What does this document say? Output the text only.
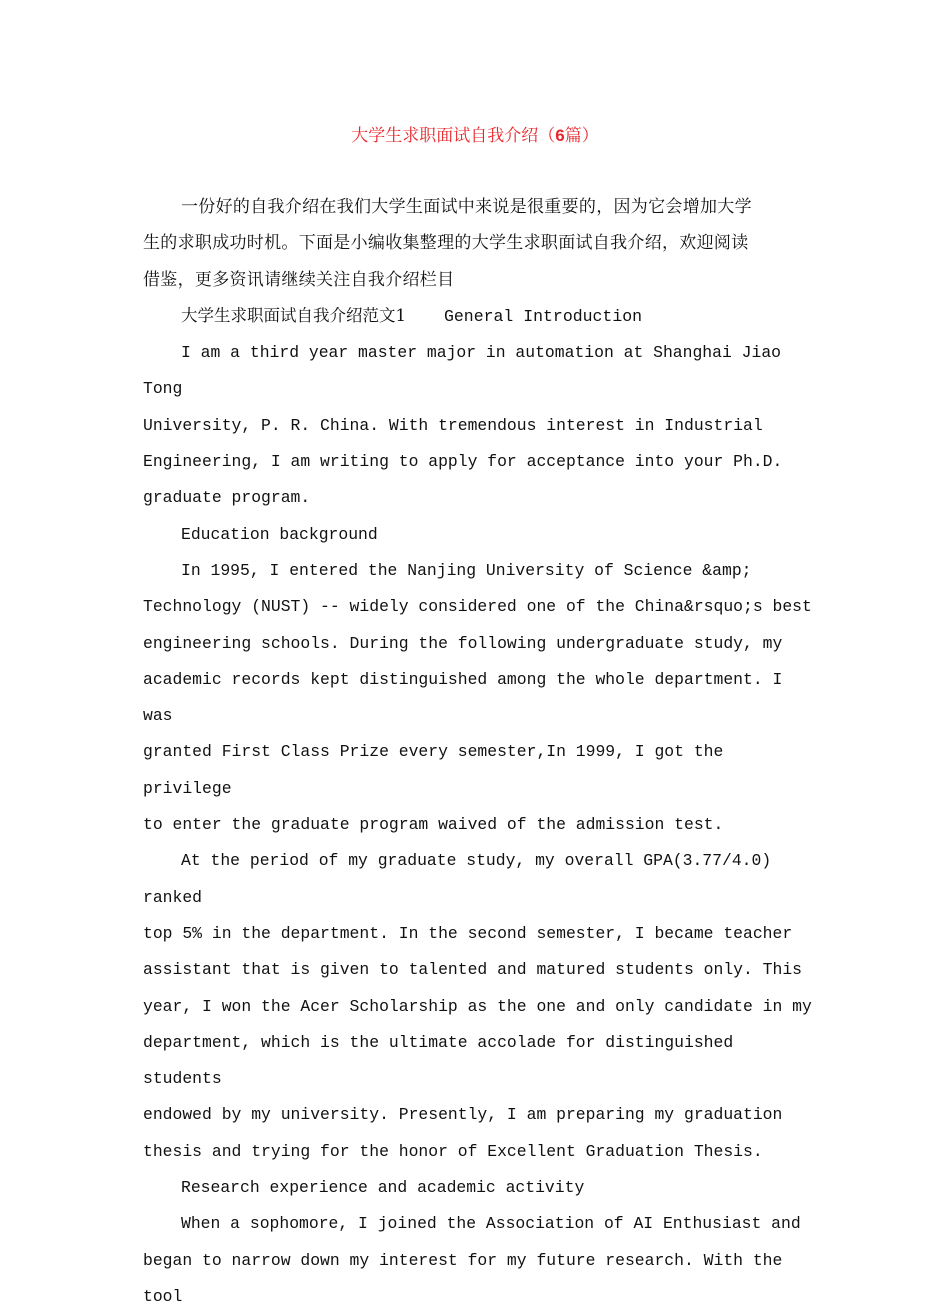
大学生求职面试自我介绍（6篇）

一份好的自我介绍在我们大学生面试中来说是很重要的，因为它会增加大学
生的求职成功时机。下面是小编收集整理的大学生求职面试自我介绍，欢迎阅读
借鉴，更多资讯请继续关注自我介绍栏目

大学生求职面试自我介绍范文1 General Introduction

I am a third year master major in automation at Shanghai Jiao Tong
University, P. R. China. With tremendous interest in Industrial
Engineering, I am writing to apply for acceptance into your Ph.D.
graduate program.

Education background

In 1995, I entered the Nanjing University of Science &amp;
Technology (NUST) -- widely considered one of the China&rsquo;s best
engineering schools. During the following undergraduate study, my
academic records kept distinguished among the whole department. I was
granted First Class Prize every semester,In 1999, I got the privilege
to enter the graduate program waived of the admission test.

At the period of my graduate study, my overall GPA(3.77/4.0) ranked
top 5% in the department. In the second semester, I became teacher
assistant that is given to talented and matured students only. This
year, I won the Acer Scholarship as the one and only candidate in my
department, which is the ultimate accolade for distinguished students
endowed by my university. Presently, I am preparing my graduation
thesis and trying for the honor of Excellent Graduation Thesis.

Research experience and academic activity

When a sophomore, I joined the Association of AI Enthusiast and
began to narrow down my interest for my future research. With the tool
